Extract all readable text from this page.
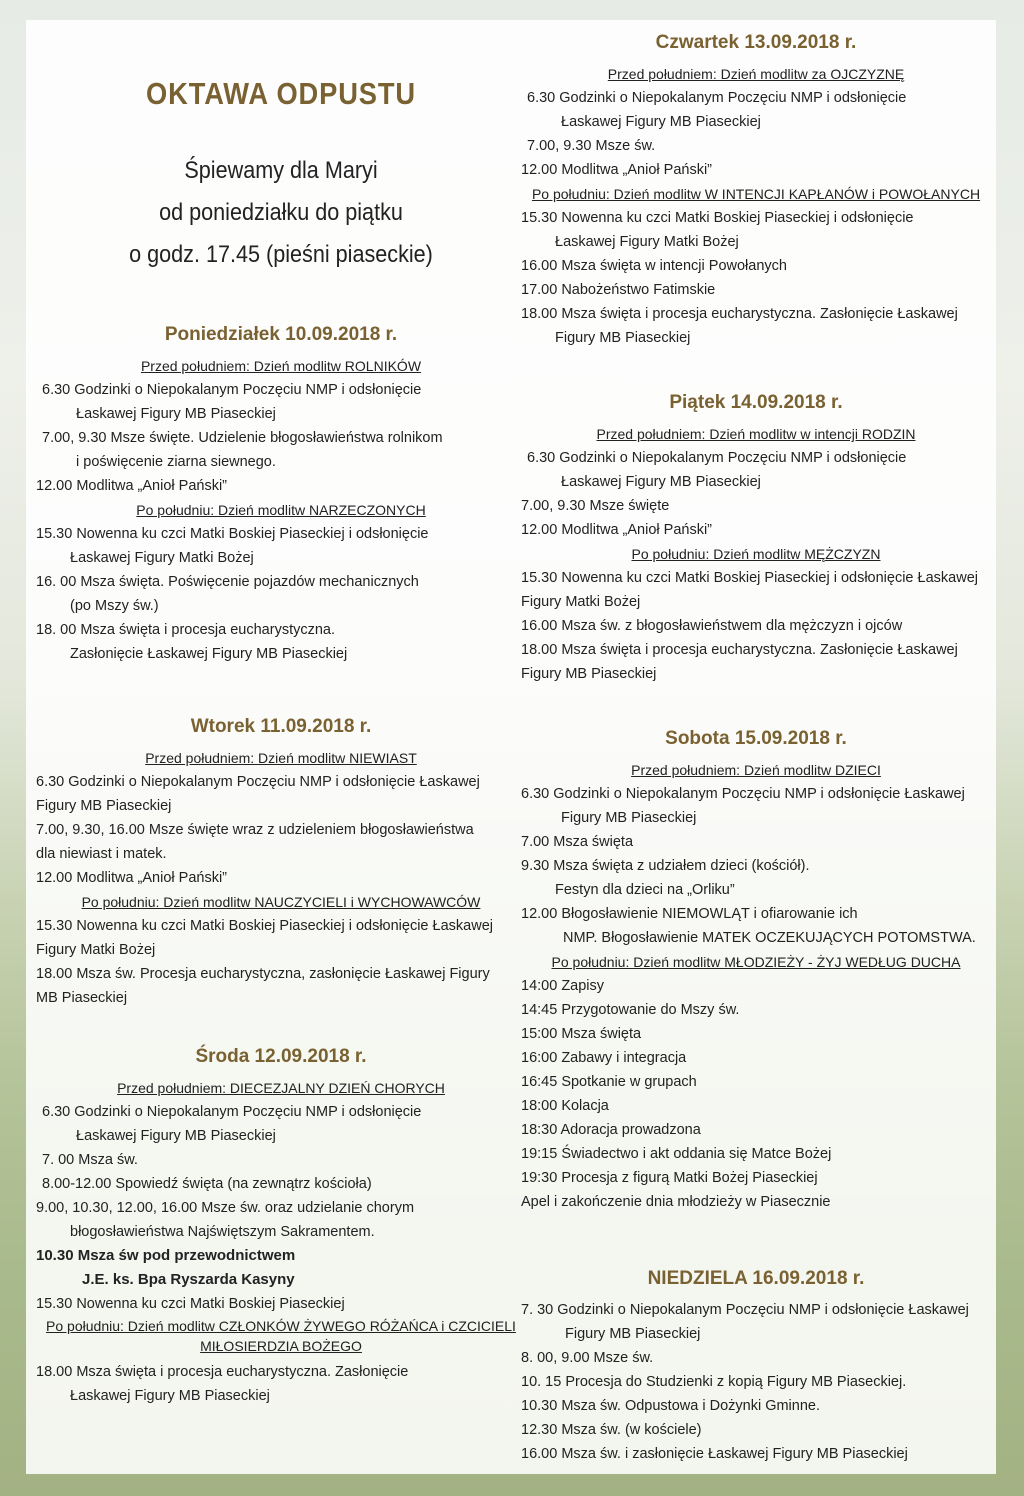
OKTAWA ODPUSTU
Śpiewamy dla Maryi
od poniedziałku do piątku
o godz. 17.45 (pieśni piaseckie)
Poniedziałek 10.09.2018 r.
Przed południem: Dzień modlitw ROLNIKÓW
6.30 Godzinki o Niepokalanym Poczęciu NMP i odsłonięcie
Łaskawej Figury MB Piaseckiej
7.00, 9.30 Msze święte. Udzielenie błogosławieństwa rolnikom
i poświęcenie ziarna siewnego.
12.00 Modlitwa „Anioł Pański”
Po południu: Dzień modlitw NARZECZONYCH
15.30 Nowenna ku czci Matki Boskiej Piaseckiej i odsłonięcie
Łaskawej Figury Matki Bożej
16. 00 Msza święta. Poświęcenie pojazdów mechanicznych
(po Mszy św.)
18. 00 Msza święta i procesja eucharystyczna.
Zasłonięcie Łaskawej Figury MB Piaseckiej
Wtorek 11.09.2018 r.
Przed południem: Dzień modlitw NIEWIAST
6.30 Godzinki o Niepokalanym Poczęciu NMP i odsłonięcie Łaskawej
Figury MB Piaseckiej
7.00, 9.30, 16.00 Msze święte wraz z udzieleniem błogosławieństwa
dla niewiast i matek.
12.00 Modlitwa „Anioł Pański”
Po południu: Dzień modlitw NAUCZYCIELI i WYCHOWAWCÓW
15.30 Nowenna ku czci Matki Boskiej Piaseckiej i odsłonięcie Łaskawej
Figury Matki Bożej
18.00 Msza św. Procesja eucharystyczna, zasłonięcie Łaskawej Figury
MB Piaseckiej
Środa 12.09.2018 r.
Przed południem: DIECEZJALNY DZIEŃ CHORYCH
6.30 Godzinki o Niepokalanym Poczęciu NMP i odsłonięcie
Łaskawej Figury MB Piaseckiej
7. 00 Msza św.
8.00-12.00 Spowiedź święta (na zewnątrz kościoła)
9.00, 10.30, 12.00, 16.00 Msze św. oraz udzielanie chorym
błogosławieństwa Najświętszym Sakramentem.
10.30 Msza św pod przewodnictwem
J.E. ks. Bpa Ryszarda Kasyny
15.30 Nowenna ku czci Matki Boskiej Piaseckiej
Po południu: Dzień modlitw CZŁONKÓW ŻYWEGO RÓŻAŃCA i CZCICIELI
MIŁOSIERDZIA BOŻEGO
18.00 Msza święta i procesja eucharystyczna. Zasłonięcie
Łaskawej Figury MB Piaseckiej
Czwartek 13.09.2018 r.
Przed południem: Dzień modlitw za OJCZYZNĘ
6.30 Godzinki o Niepokalanym Poczęciu NMP i odsłonięcie
Łaskawej Figury MB Piaseckiej
7.00, 9.30 Msze św.
12.00 Modlitwa „Anioł Pański”
Po południu: Dzień modlitw W INTENCJI KAPŁANÓW i POWOŁANYCH
15.30 Nowenna ku czci Matki Boskiej Piaseckiej i odsłonięcie
Łaskawej Figury Matki Bożej
16.00 Msza święta w intencji Powołanych
17.00 Nabożeństwo Fatimskie
18.00 Msza święta i procesja eucharystyczna. Zasłonięcie Łaskawej
Figury MB Piaseckiej
Piątek 14.09.2018 r.
Przed południem: Dzień modlitw w intencji RODZIN
6.30 Godzinki o Niepokalanym Poczęciu NMP i odsłonięcie
Łaskawej Figury MB Piaseckiej
7.00, 9.30 Msze święte
12.00 Modlitwa „Anioł Pański”
Po południu: Dzień modlitw MĘŻCZYZN
15.30 Nowenna ku czci Matki Boskiej Piaseckiej i odsłonięcie Łaskawej
Figury Matki Bożej
16.00 Msza św. z błogosławieństwem dla mężczyzn i ojców
18.00 Msza święta i procesja eucharystyczna. Zasłonięcie Łaskawej
Figury MB Piaseckiej
Sobota 15.09.2018 r.
Przed południem: Dzień modlitw DZIECI
6.30 Godzinki o Niepokalanym Poczęciu NMP i odsłonięcie Łaskawej
Figury MB Piaseckiej
7.00 Msza święta
9.30 Msza święta z udziałem dzieci (kościół).
Festyn dla dzieci na „Orliku”
12.00 Błogosławienie NIEMOWLĄT i ofiarowanie ich
NMP. Błogosławienie MATEK OCZEKUJĄCYCH POTOMSTWA.
Po południu: Dzień modlitw MŁODZIEŻY - ŻYJ WEDŁUG DUCHA
14:00 Zapisy
14:45 Przygotowanie do Mszy św.
15:00 Msza święta
16:00 Zabawy i integracja
16:45 Spotkanie w grupach
18:00 Kolacja
18:30 Adoracja prowadzona
19:15 Świadectwo i akt oddania się Matce Bożej
19:30 Procesja z figurą Matki Bożej Piaseckiej
Apel i zakończenie dnia młodzieży w Piasecznie
NIEDZIELA 16.09.2018 r.
7. 30 Godzinki o Niepokalanym Poczęciu NMP i odsłonięcie Łaskawej
Figury MB Piaseckiej
8. 00, 9.00 Msze św.
10. 15 Procesja do Studzienki z kopią Figury MB Piaseckiej.
10.30 Msza św. Odpustowa i Dożynki Gminne.
12.30 Msza św. (w kościele)
16.00 Msza św. i zasłonięcie Łaskawej Figury MB Piaseckiej
